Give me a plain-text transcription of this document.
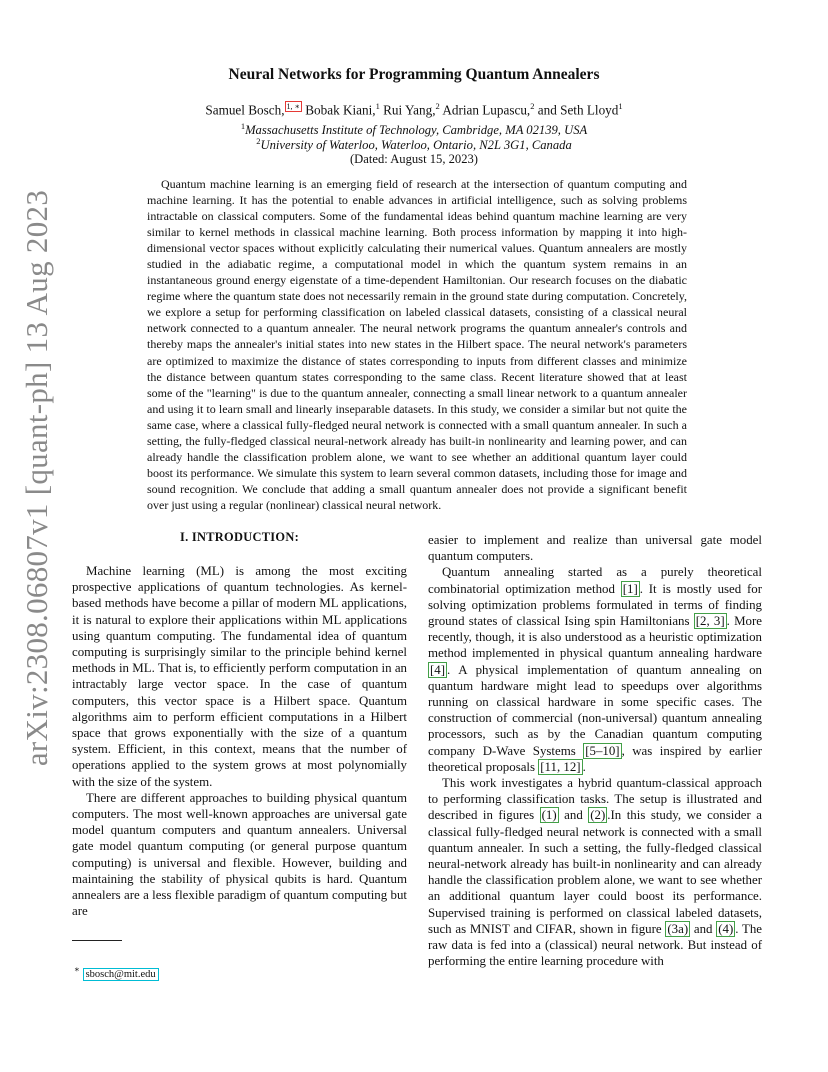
arXiv:2308.06807v1 [quant-ph] 13 Aug 2023
Neural Networks for Programming Quantum Annealers
Samuel Bosch, $^{1, ∗}$ Bobak Kiani,$^1$ Rui Yang,$^2$ Adrian Lupascu,$^2$ and Seth Lloyd$^1$
$^1$Massachusetts Institute of Technology, Cambridge, MA 02139, USA
$^2$University of Waterloo, Waterloo, Ontario, N2L 3G1, Canada
(Dated: August 15, 2023)
Quantum machine learning is an emerging field of research at the intersection of quantum computing and machine learning. It has the potential to enable advances in artificial intelligence, such as solving problems intractable on classical computers. Some of the fundamental ideas behind quantum machine learning are very similar to kernel methods in classical machine learning. Both process information by mapping it into high-dimensional vector spaces without explicitly calculating their numerical values. Quantum annealers are mostly studied in the adiabatic regime, a computational model in which the quantum system remains in an instantaneous ground energy eigenstate of a time-dependent Hamiltonian. Our research focuses on the diabatic regime where the quantum state does not necessarily remain in the ground state during computation. Concretely, we explore a setup for performing classification on labeled classical datasets, consisting of a classical neural network connected to a quantum annealer. The neural network programs the quantum annealer's controls and thereby maps the annealer's initial states into new states in the Hilbert space. The neural network's parameters are optimized to maximize the distance of states corresponding to inputs from different classes and minimize the distance between quantum states corresponding to the same class. Recent literature showed that at least some of the "learning" is due to the quantum annealer, connecting a small linear network to a quantum annealer and using it to learn small and linearly inseparable datasets. In this study, we consider a similar but not quite the same case, where a classical fully-fledged neural network is connected with a small quantum annealer. In such a setting, the fully-fledged classical neural-network already has built-in nonlinearity and learning power, and can already handle the classification problem alone, we want to see whether an additional quantum layer could boost its performance. We simulate this system to learn several common datasets, including those for image and sound recognition. We conclude that adding a small quantum annealer does not provide a significant benefit over just using a regular (nonlinear) classical neural network.
I. INTRODUCTION:

Machine learning (ML) is among the most exciting prospective applications of quantum technologies. As kernel-based methods have become a pillar of modern ML applications, it is natural to explore their applications within ML applications using quantum computing. The fundamental idea of quantum computing is surprisingly similar to the principle behind kernel methods in ML. That is, to efficiently perform computation in an intractably large vector space. In the case of quantum computers, this vector space is a Hilbert space. Quantum algorithms aim to perform efficient computations in a Hilbert space that grows exponentially with the size of a quantum system. Efficient, in this context, means that the number of operations applied to the system grows at most polynomially with the size of the system.

There are different approaches to building physical quantum computers. The most well-known approaches are universal gate model quantum computers and quantum annealers. Universal gate model quantum computing (or general purpose quantum computing) is universal and flexible. However, building and maintaining the stability of physical qubits is hard. Quantum annealers are a less flexible paradigm of quantum computing but are

easier to implement and realize than universal gate model quantum computers.

Quantum annealing started as a purely theoretical combinatorial optimization method [1] . It is mostly used for solving optimization problems formulated in terms of finding ground states of classical Ising spin Hamiltonians [2, 3] . More recently, though, it is also understood as a heuristic optimization method implemented in physical quantum annealing hardware [4] . A physical implementation of quantum annealing on quantum hardware might lead to speedups over algorithms running on classical hardware in some specific cases. The construction of commercial (non-universal) quantum annealing processors, such as by the Canadian quantum computing company D-Wave Systems [5–10] , was inspired by earlier theoretical proposals [11, 12] .

This work investigates a hybrid quantum-classical approach to performing classification tasks. The setup is illustrated and described in figures (1) and (2) .In this study, we consider a classical fully-fledged neural network is connected with a small quantum annealer. In such a setting, the fully-fledged classical neural-network already has built-in nonlinearity and can already handle the classification problem alone, we want to see whether an additional quantum layer could boost its performance. Supervised training is performed on classical labeled datasets, such as MNIST and CIFAR, shown in figure (3a) and (4) . The raw data is fed into a (classical) neural network. But instead of performing the entire learning procedure with

∗ sbosch@mit.edu
